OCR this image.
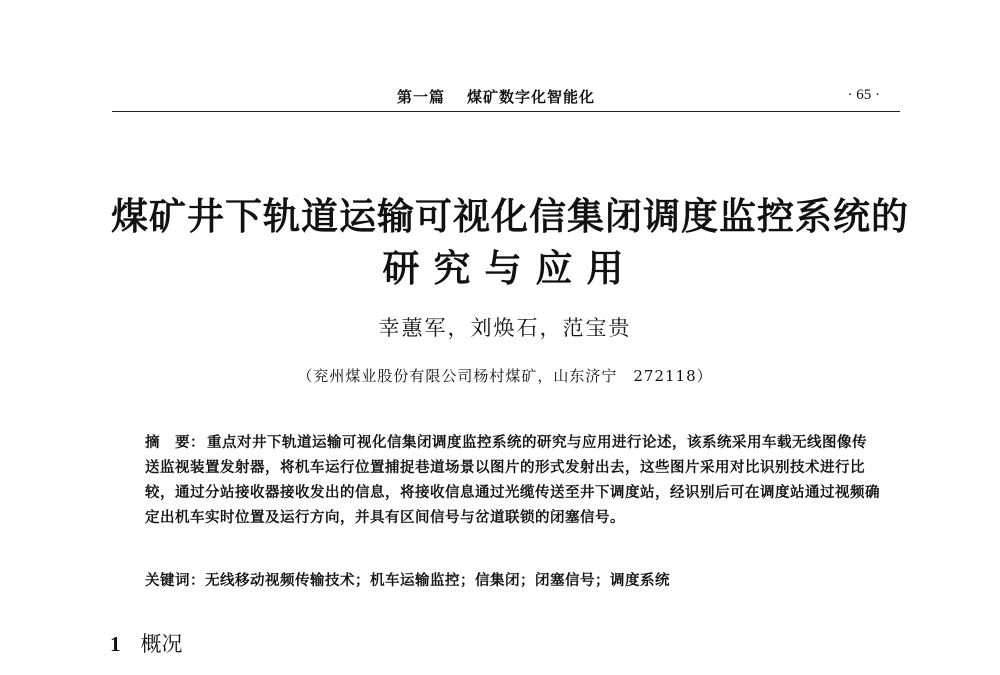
第一篇 煤矿数字化智能化	· 65 ·
煤矿井下轨道运输可视化信集闭调度监控系统的
研究与应用
幸蕙军，刘焕石，范宝贵
（兖州煤业股份有限公司杨村煤矿，山东济宁　272118）
摘　要： 重点对井下轨道运输可视化信集闭调度监控系统的研究与应用进行论述，该系统采用车载无线图像传送监视装置发射器，将机车运行位置捕捉巷道场景以图片的形式发射出去，这些图片采用对比识别技术进行比较，通过分站接收器接收发出的信息，将接收信息通过光缆传送至井下调度站，经识别后可在调度站通过视频确定出机车实时位置及运行方向，并具有区间信号与岔道联锁的闭塞信号。
关键词：无线移动视频传输技术；机车运输监控；信集闭；闭塞信号；调度系统
1 概况
